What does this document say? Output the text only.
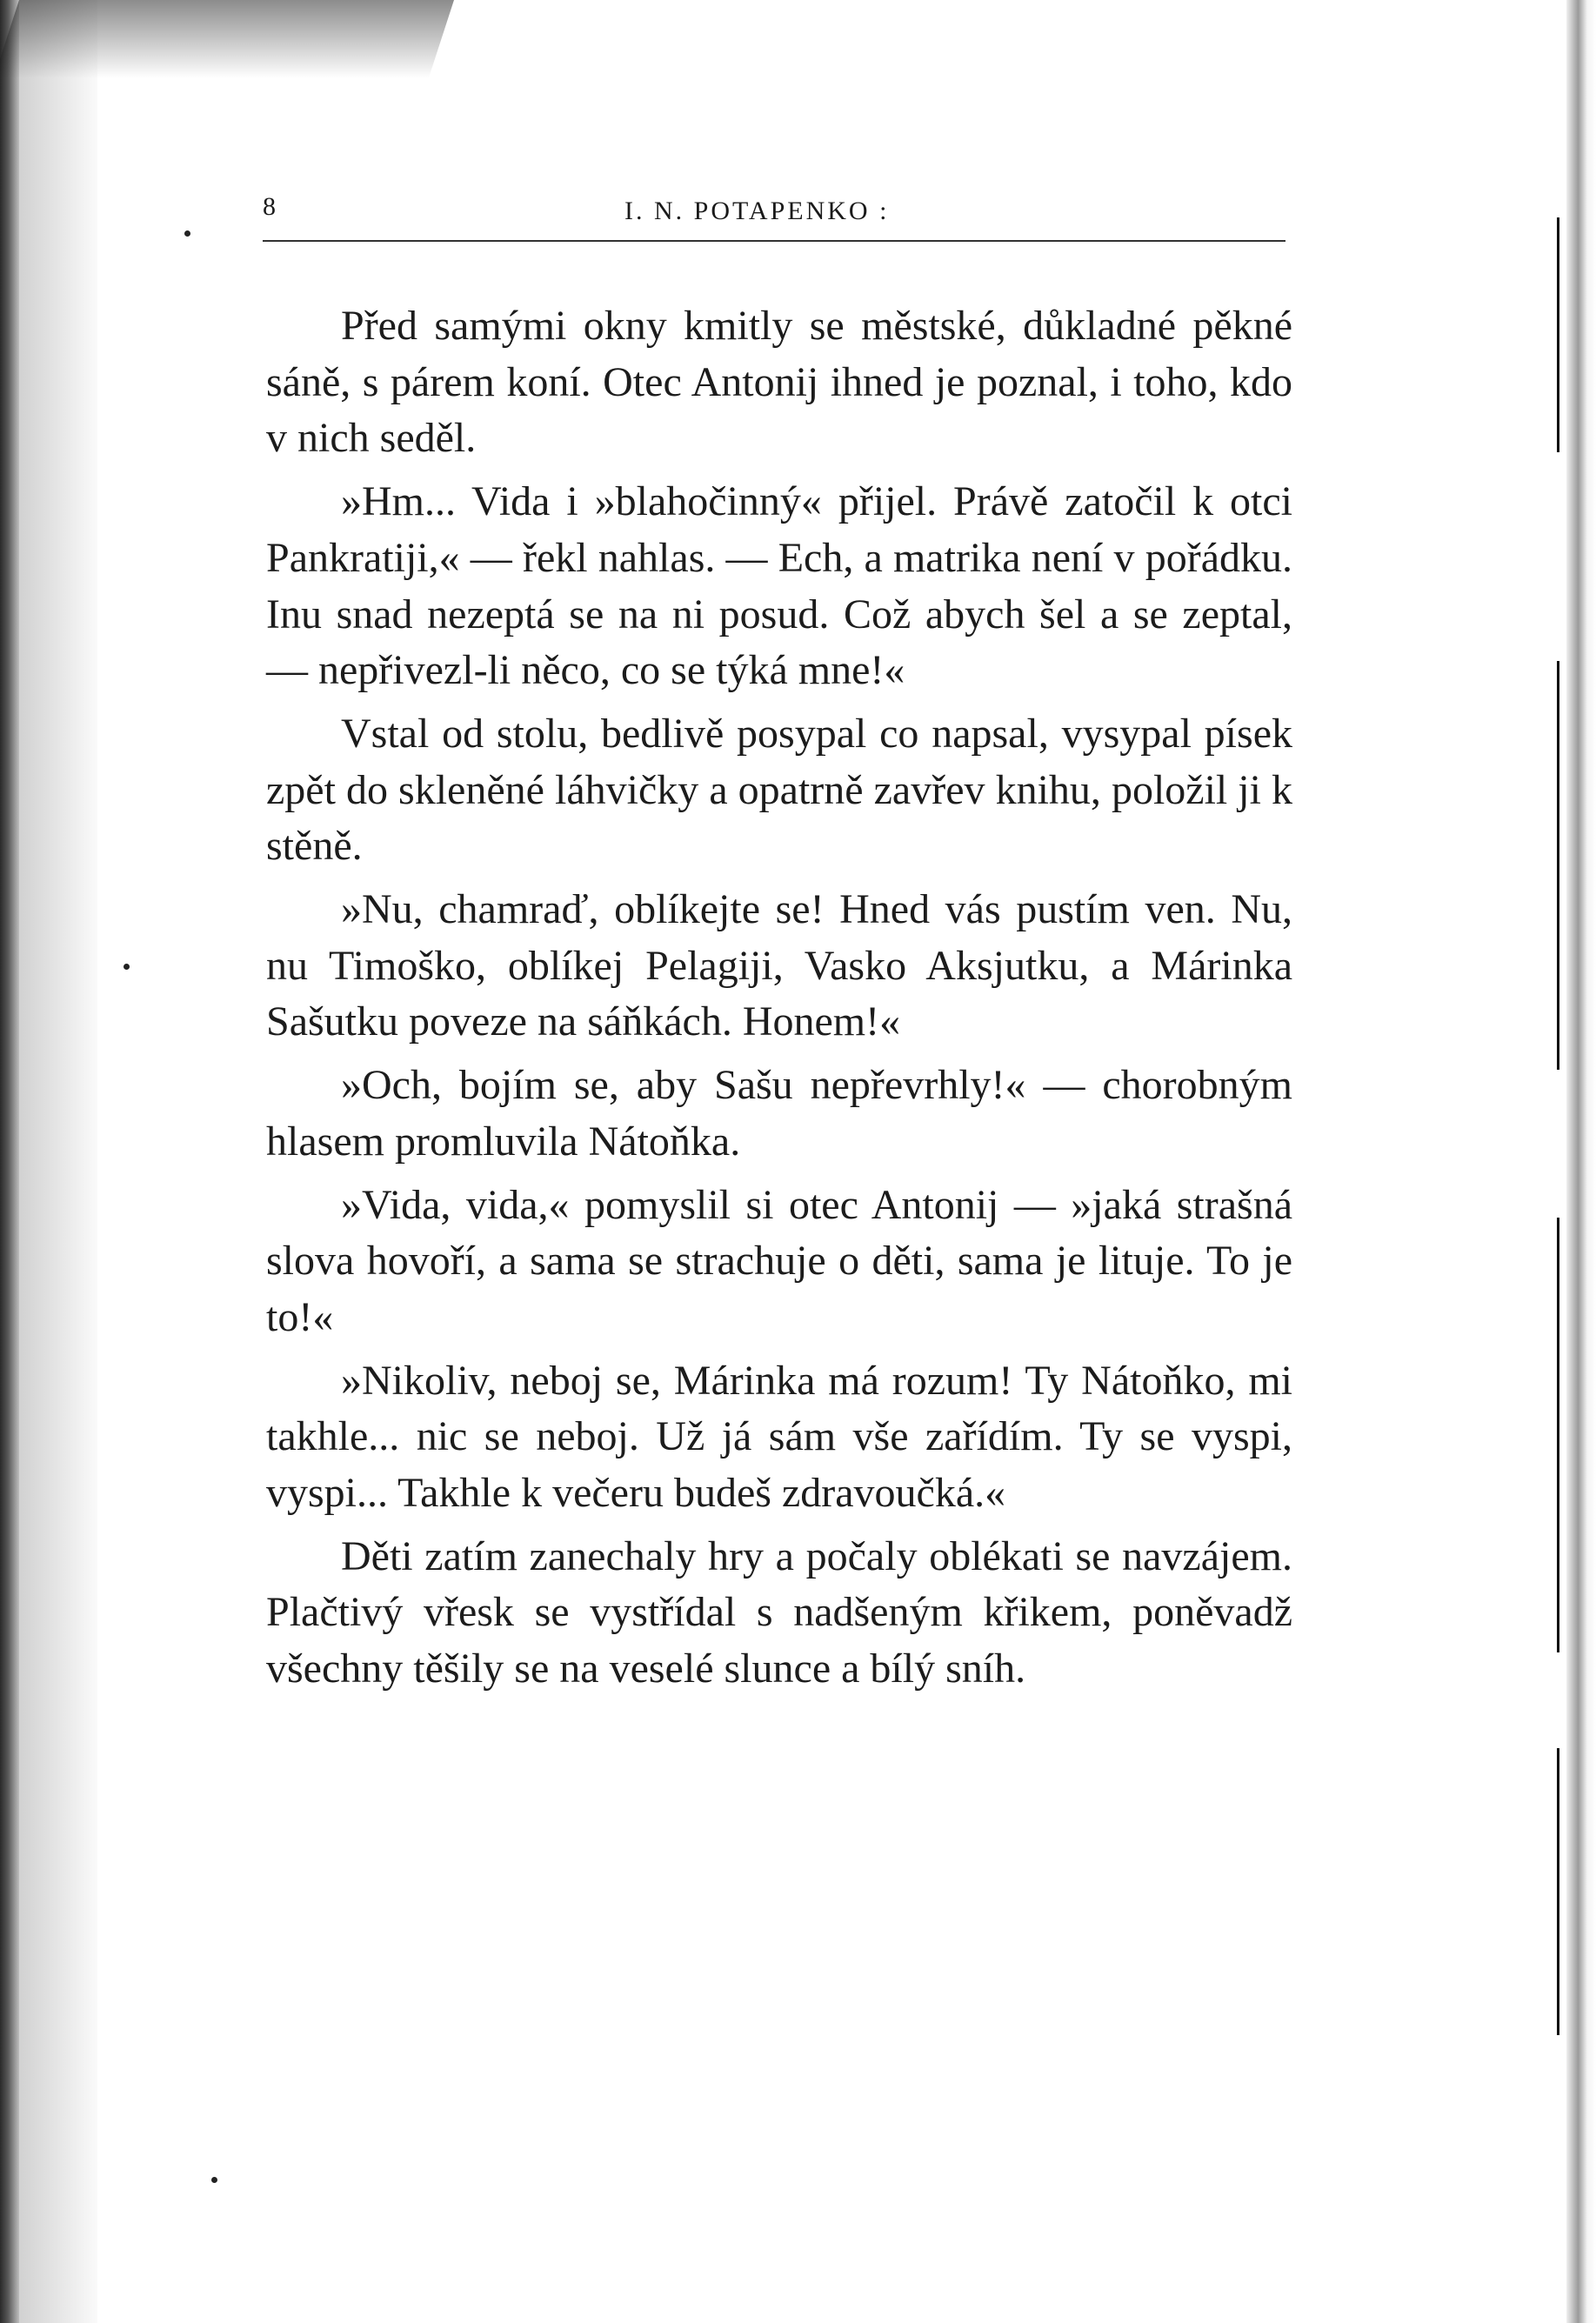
8	I. N. POTAPENKO :

Před samými okny kmitly se městské, důkladné pěkné sáně, s párem koní. Otec Antonij ihned je poznal, i toho, kdo v nich seděl.

»Hm... Vida i »blahočinný« přijel. Právě zatočil k otci Pankratiji,« — řekl nahlas. — Ech, a matrika není v pořádku. Inu snad nezeptá se na ni posud. Což abych šel a se zeptal, — nepřivezl-li něco, co se týká mne!«

Vstal od stolu, bedlivě posypal co napsal, vysypal písek zpět do skleněné láhvičky a opatrně zavřev knihu, položil ji k stěně.

»Nu, chamraď, oblíkejte se! Hned vás pustím ven. Nu, nu Timoško, oblíkej Pelagiji, Vasko Aksjutku, a Márinka Sašutku poveze na sáňkách. Honem!«

»Och, bojím se, aby Sašu nepřevrhly!« — chorobným hlasem promluvila Nátoňka.

»Vida, vida,« pomyslil si otec Antonij — »jaká strašná slova hovoří, a sama se strachuje o děti, sama je lituje. To je to!«

»Nikoliv, neboj se, Márinka má rozum! Ty Nátoňko, mi takhle... nic se neboj. Už já sám vše zařídím. Ty se vyspi, vyspi... Takhle k večeru budeš zdravoučká.«

Děti zatím zanechaly hry a počaly oblékati se navzájem. Plačtivý vřesk se vystřídal s nadšeným křikem, poněvadž všechny těšily se na veselé slunce a bílý sníh.
